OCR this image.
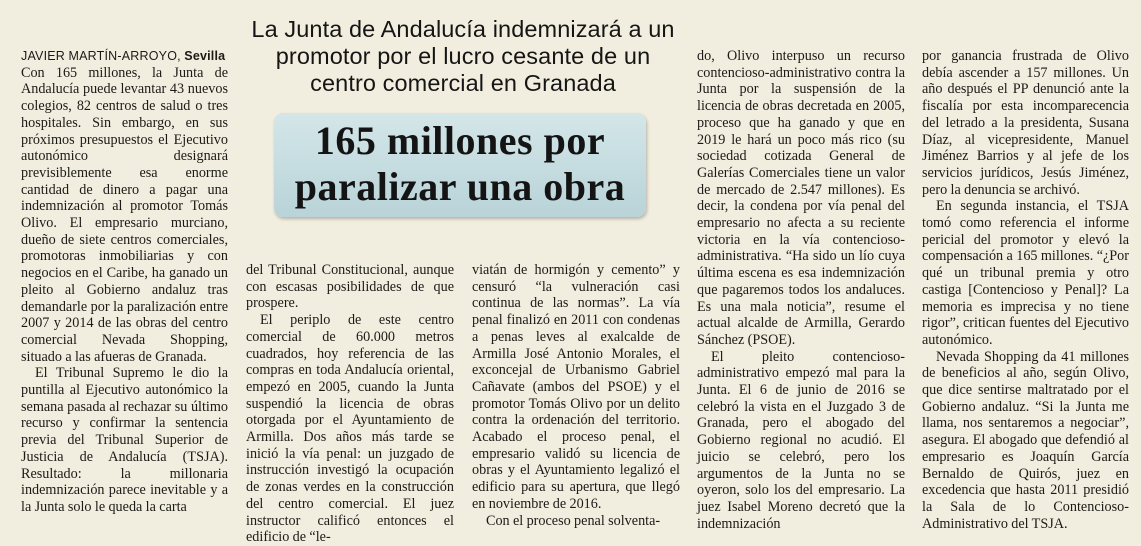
La Junta de Andalucía indemnizará a un promotor por el lucro cesante de un centro comercial en Granada
165 millones por paralizar una obra
JAVIER MARTÍN-ARROYO, Sevilla

Con 165 millones, la Junta de Andalucía puede levantar 43 nuevos colegios, 82 centros de salud o tres hospitales. Sin embargo, en sus próximos presupuestos el Ejecutivo autonómico designará previsiblemente esa enorme cantidad de dinero a pagar una indemnización al promotor Tomás Olivo. El empresario murciano, dueño de siete centros comerciales, promotoras inmobiliarias y con negocios en el Caribe, ha ganado un pleito al Gobierno andaluz tras demandarle por la paralización entre 2007 y 2014 de las obras del centro comercial Nevada Shopping, situado a las afueras de Granada.

El Tribunal Supremo le dio la puntilla al Ejecutivo autonómico la semana pasada al rechazar su último recurso y confirmar la sentencia previa del Tribunal Superior de Justicia de Andalucía (TSJA). Resultado: la millonaria indemnización parece inevitable y a la Junta solo le queda la carta

del Tribunal Constitucional, aunque con escasas posibilidades de que prospere.

El periplo de este centro comercial de 60.000 metros cuadrados, hoy referencia de las compras en toda Andalucía oriental, empezó en 2005, cuando la Junta suspendió la licencia de obras otorgada por el Ayuntamiento de Armilla. Dos años más tarde se inició la vía penal: un juzgado de instrucción investigó la ocupación de zonas verdes en la construcción del centro comercial. El juez instructor calificó entonces el edificio de “le-

viatán de hormigón y cemento” y censuró “la vulneración casi continua de las normas”. La vía penal finalizó en 2011 con condenas a penas leves al exalcalde de Armilla José Antonio Morales, el exconcejal de Urbanismo Gabriel Cañavate (ambos del PSOE) y el promotor Tomás Olivo por un delito contra la ordenación del territorio. Acabado el proceso penal, el empresario validó su licencia de obras y el Ayuntamiento legalizó el edificio para su apertura, que llegó en noviembre de 2016.

Con el proceso penal solventa-

do, Olivo interpuso un recurso contencioso-administrativo contra la Junta por la suspensión de la licencia de obras decretada en 2005, proceso que ha ganado y que en 2019 le hará un poco más rico (su sociedad cotizada General de Galerías Comerciales tiene un valor de mercado de 2.547 millones). Es decir, la condena por vía penal del empresario no afecta a su reciente victoria en la vía contencioso-administrativa. “Ha sido un lío cuya última escena es esa indemnización que pagaremos todos los andaluces. Es una mala noticia”, resume el actual alcalde de Armilla, Gerardo Sánchez (PSOE).

El pleito contencioso-administrativo empezó mal para la Junta. El 6 de junio de 2016 se celebró la vista en el Juzgado 3 de Granada, pero el abogado del Gobierno regional no acudió. El juicio se celebró, pero los argumentos de la Junta no se oyeron, solo los del empresario. La juez Isabel Moreno decretó que la indemnización

por ganancia frustrada de Olivo debía ascender a 157 millones. Un año después el PP denunció ante la fiscalía por esta incomparecencia del letrado a la presidenta, Susana Díaz, al vicepresidente, Manuel Jiménez Barrios y al jefe de los servicios jurídicos, Jesús Jiménez, pero la denuncia se archivó.

En segunda instancia, el TSJA tomó como referencia el informe pericial del promotor y elevó la compensación a 165 millones. “¿Por qué un tribunal premia y otro castiga [Contencioso y Penal]? La memoria es imprecisa y no tiene rigor”, critican fuentes del Ejecutivo autonómico.

Nevada Shopping da 41 millones de beneficios al año, según Olivo, que dice sentirse maltratado por el Gobierno andaluz. “Si la Junta me llama, nos sentaremos a negociar”, asegura. El abogado que defendió al empresario es Joaquín García Bernaldo de Quirós, juez en excedencia que hasta 2011 presidió la Sala de lo Contencioso-Administrativo del TSJA.
